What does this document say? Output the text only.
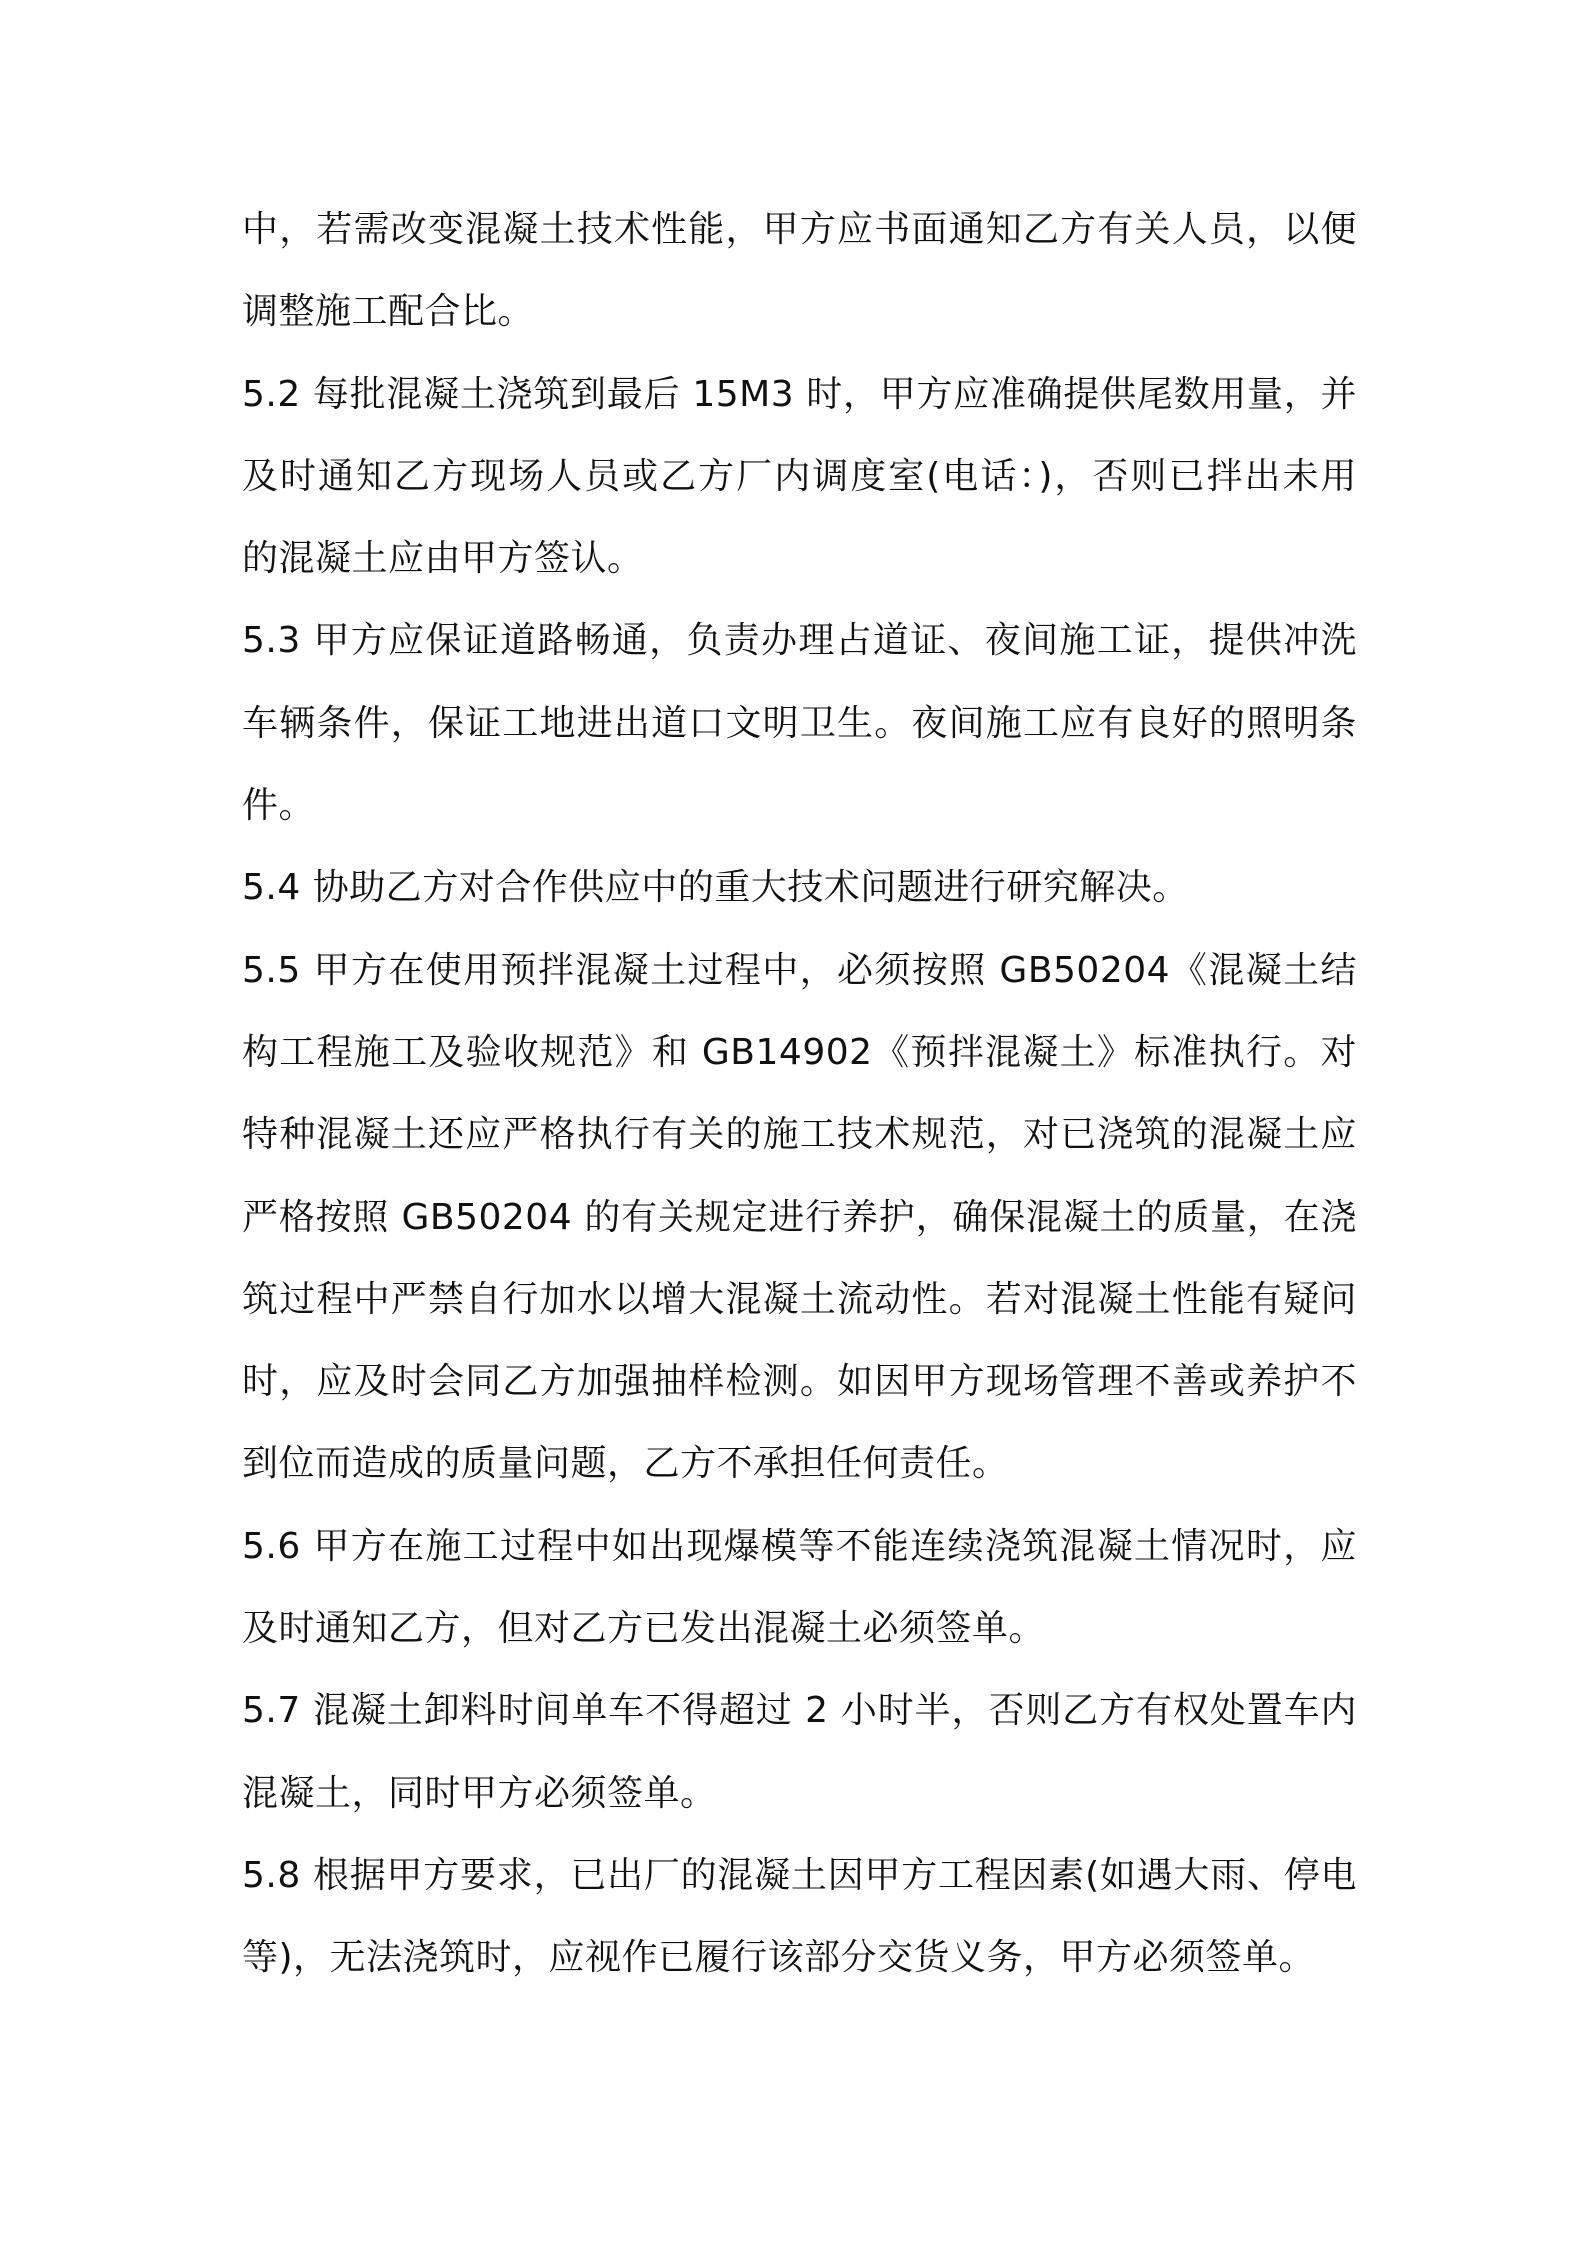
中，若需改变混凝土技术性能，甲方应书面通知乙方有关人员，以便
调整施工配合比。
5.2 每批混凝土浇筑到最后 15M3 时，甲方应准确提供尾数用量，并
及时通知乙方现场人员或乙方厂内调度室(电话：)，否则已拌出未用
的混凝土应由甲方签认。
5.3 甲方应保证道路畅通，负责办理占道证、夜间施工证，提供冲洗
车辆条件，保证工地进出道口文明卫生。夜间施工应有良好的照明条
件。
5.4 协助乙方对合作供应中的重大技术问题进行研究解决。
5.5 甲方在使用预拌混凝土过程中，必须按照 GB50204《混凝土结
构工程施工及验收规范》和 GB14902《预拌混凝土》标准执行。对
特种混凝土还应严格执行有关的施工技术规范，对已浇筑的混凝土应
严格按照 GB50204 的有关规定进行养护，确保混凝土的质量，在浇
筑过程中严禁自行加水以增大混凝土流动性。若对混凝土性能有疑问
时，应及时会同乙方加强抽样检测。如因甲方现场管理不善或养护不
到位而造成的质量问题，乙方不承担任何责任。
5.6 甲方在施工过程中如出现爆模等不能连续浇筑混凝土情况时，应
及时通知乙方，但对乙方已发出混凝土必须签单。
5.7 混凝土卸料时间单车不得超过 2 小时半，否则乙方有权处置车内
混凝土，同时甲方必须签单。
5.8 根据甲方要求，已出厂的混凝土因甲方工程因素(如遇大雨、停电
等)，无法浇筑时，应视作已履行该部分交货义务，甲方必须签单。
